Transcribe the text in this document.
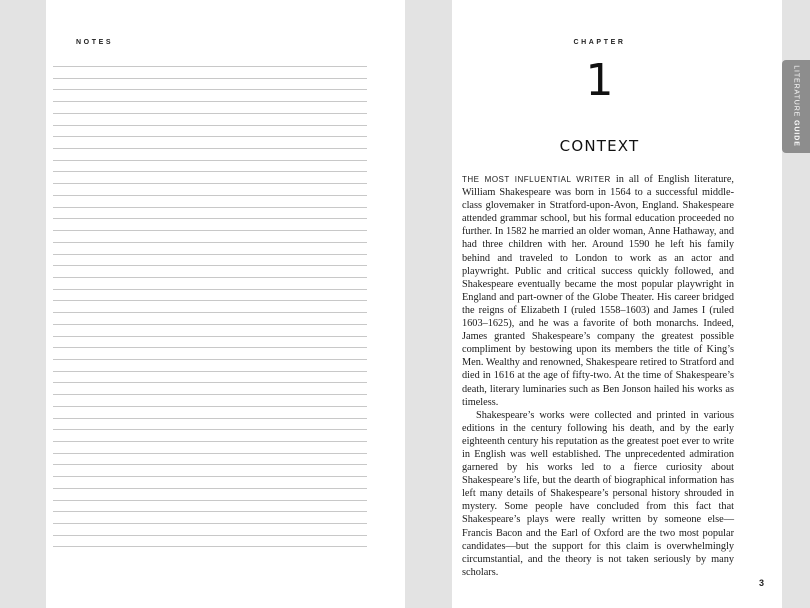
NOTES	CHAPTER
1
CONTEXT

THE MOST INFLUENTIAL WRITER in all of English literature, William Shakespeare was born in 1564 to a successful middle-class glovemaker in Stratford-upon-Avon, England. Shakespeare attended grammar school, but his formal education proceeded no further. In 1582 he married an older woman, Anne Hathaway, and had three children with her. Around 1590 he left his family behind and traveled to London to work as an actor and playwright. Public and critical success quickly followed, and Shakespeare eventually became the most popular playwright in England and part-owner of the Globe Theater. His career bridged the reigns of Elizabeth I (ruled 1558–1603) and James I (ruled 1603–1625), and he was a favorite of both monarchs. Indeed, James granted Shakespeare’s company the greatest possible compliment by bestowing upon its members the title of King’s Men. Wealthy and renowned, Shakespeare retired to Stratford and died in 1616 at the age of fifty-two. At the time of Shakespeare’s death, literary luminaries such as Ben Jonson hailed his works as timeless.

Shakespeare’s works were collected and printed in various editions in the century following his death, and by the early eighteenth century his reputation as the greatest poet ever to write in English was well established. The unprecedented admiration garnered by his works led to a fierce curiosity about Shakespeare’s life, but the dearth of biographical information has left many details of Shakespeare’s personal history shrouded in mystery. Some people have concluded from this fact that Shakespeare’s plays were really written by someone else—Francis Bacon and the Earl of Oxford are the two most popular candidates—but the support for this claim is overwhelmingly circumstantial, and the theory is not taken seriously by many scholars.

3
LITERATURE GUIDE
